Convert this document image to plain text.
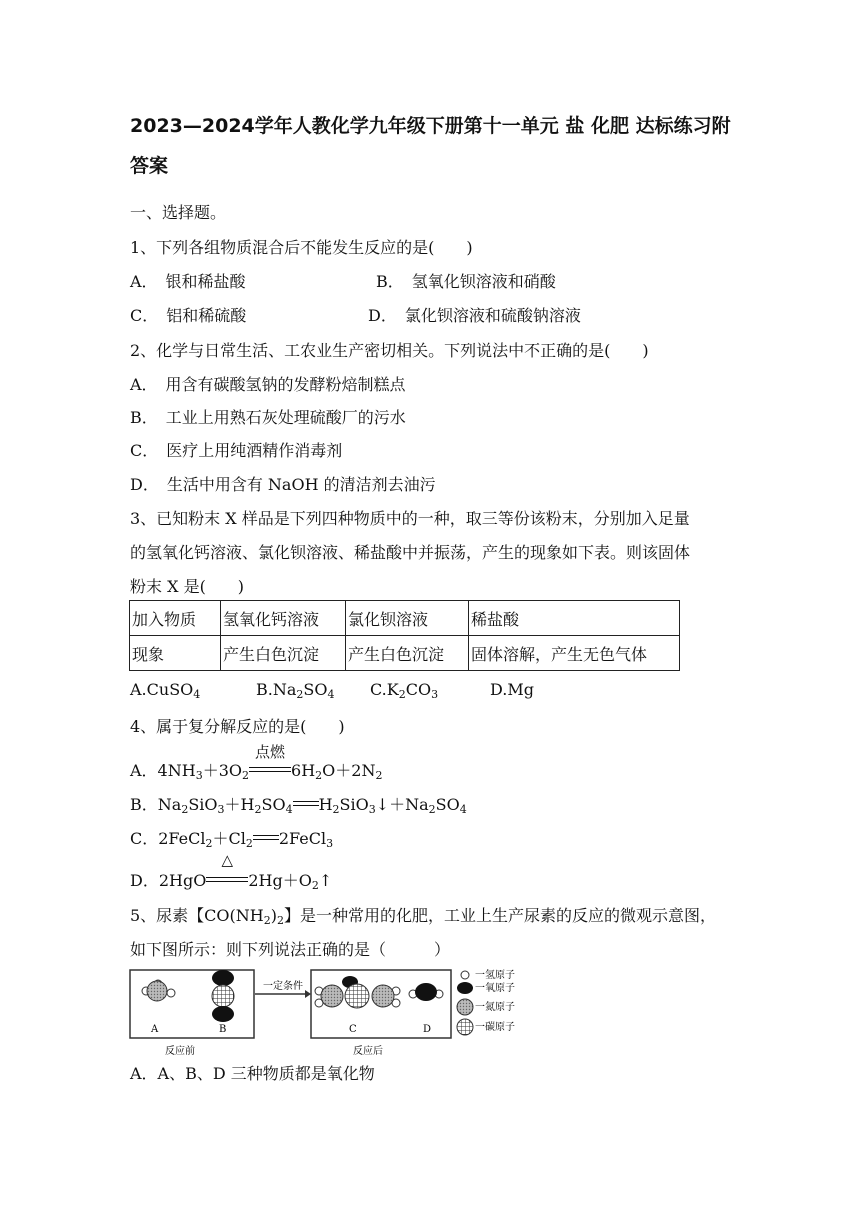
2023—2024学年人教化学九年级下册第十一单元 盐 化肥 达标练习附答案
一、选择题。
1、下列各组物质混合后不能发生反应的是(　　)
A．　银和稀盐酸	B．　氢氧化钡溶液和硝酸
C．　铝和稀硫酸	D．　氯化钡溶液和硫酸钠溶液
2、化学与日常生活、工农业生产密切相关。下列说法中不正确的是(　　)
A．　用含有碳酸氢钠的发酵粉焙制糕点
B．　工业上用熟石灰处理硫酸厂的污水
C．　医疗上用纯酒精作消毒剂
D．　生活中用含有 NaOH 的清洁剂去油污
3、已知粉末 X 样品是下列四种物质中的一种，取三等份该粉末，分别加入足量
的氢氧化钙溶液、氯化钡溶液、稀盐酸中并振荡，产生的现象如下表。则该固体
粉末 X 是(　　)
加入物质	氢氧化钙溶液	氯化钡溶液	稀盐酸
现象	产生白色沉淀	产生白色沉淀	固体溶解，产生无色气体
A.CuSO$_4$	$B.Na_2SO_4$ $C.K_2CO_3$	D.Mg
4、属于复分解反应的是(　　)
A．$4NH_3+3O_2$
点燃
$6H_2O+2N_2$
B．$Na_2SiO_3+H_2SO_4$ $H_2SiO_3↓+Na_2SO_4$
C．$2FeCl_2+Cl_2$ 2FeCl$_3$
D．2HgO
△
$2Hg+O_2↑$
5、尿素【$CO(NH_2)_2$】是一种常用的化肥，工业上生产尿素的反应的微观示意图，
如下图所示：则下列说法正确的是（　　　）
A	B
一定条件
C	D
反应前	反应后
一氢原子
一氧原子
一氮原子
一碳原子
A．A、B、D 三种物质都是氧化物
